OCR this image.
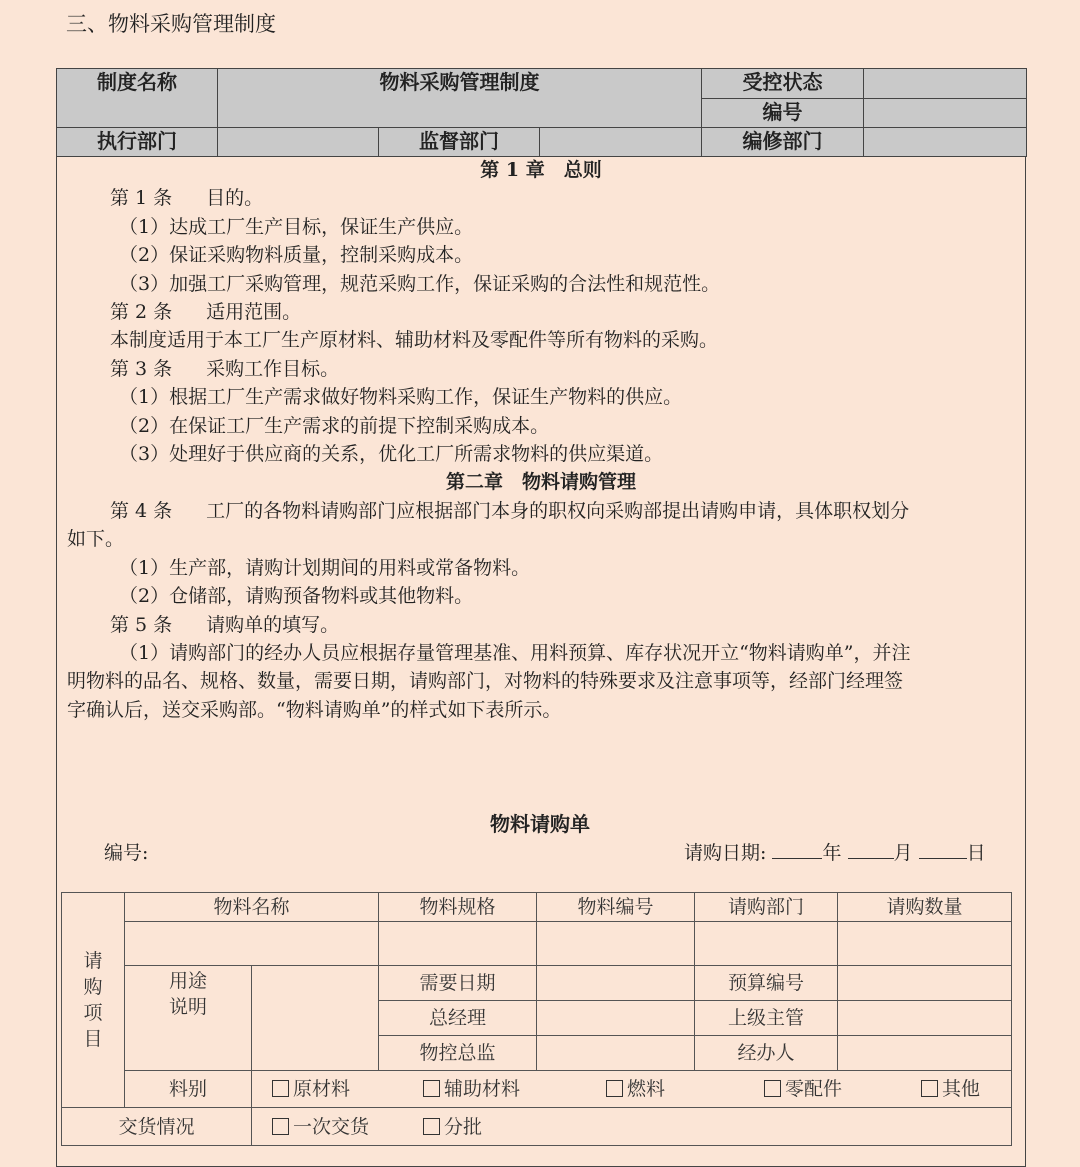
三、物料采购管理制度
制度名称	物料采购管理制度			受控状态	
				编号	
执行部门		监督部门		编修部门	

第 1 章　总则

第 1 条 目的。

（1）达成工厂生产目标，保证生产供应。

（2）保证采购物料质量，控制采购成本。

（3）加强工厂采购管理，规范采购工作，保证采购的合法性和规范性。

第 2 条 适用范围。

本制度适用于本工厂生产原材料、辅助材料及零配件等所有物料的采购。

第 3 条 采购工作目标。

（1）根据工厂生产需求做好物料采购工作，保证生产物料的供应。

（2）在保证工厂生产需求的前提下控制采购成本。

（3）处理好于供应商的关系，优化工厂所需求物料的供应渠道。

第二章　物料请购管理

第 4 条 工厂的各物料请购部门应根据部门本身的职权向采购部提出请购申请，具体职权划分

如下。

（1）生产部，请购计划期间的用料或常备物料。

（2）仓储部，请购预备物料或其他物料。

第 5 条 请购单的填写。

（1）请购部门的经办人员应根据存量管理基准、用料预算、库存状况开立“物料请购单”，并注

明物料的品名、规格、数量，需要日期，请购部门，对物料的特殊要求及注意事项等，经部门经理签

字确认后，送交采购部。“物料请购单”的样式如下表所示。

物料请购单
编号:	请购日期:	年	月	日
请
购
项
目	物料名称		物料规格	物料编号	请购部门	请购数量

	用途
说明		需要日期		预算编号	
			总经理		上级主管	
			物控总监		经办人	
	料别	原材料 辅助材料 燃料 零配件 其他				
交货情况		一次交货 分批				
